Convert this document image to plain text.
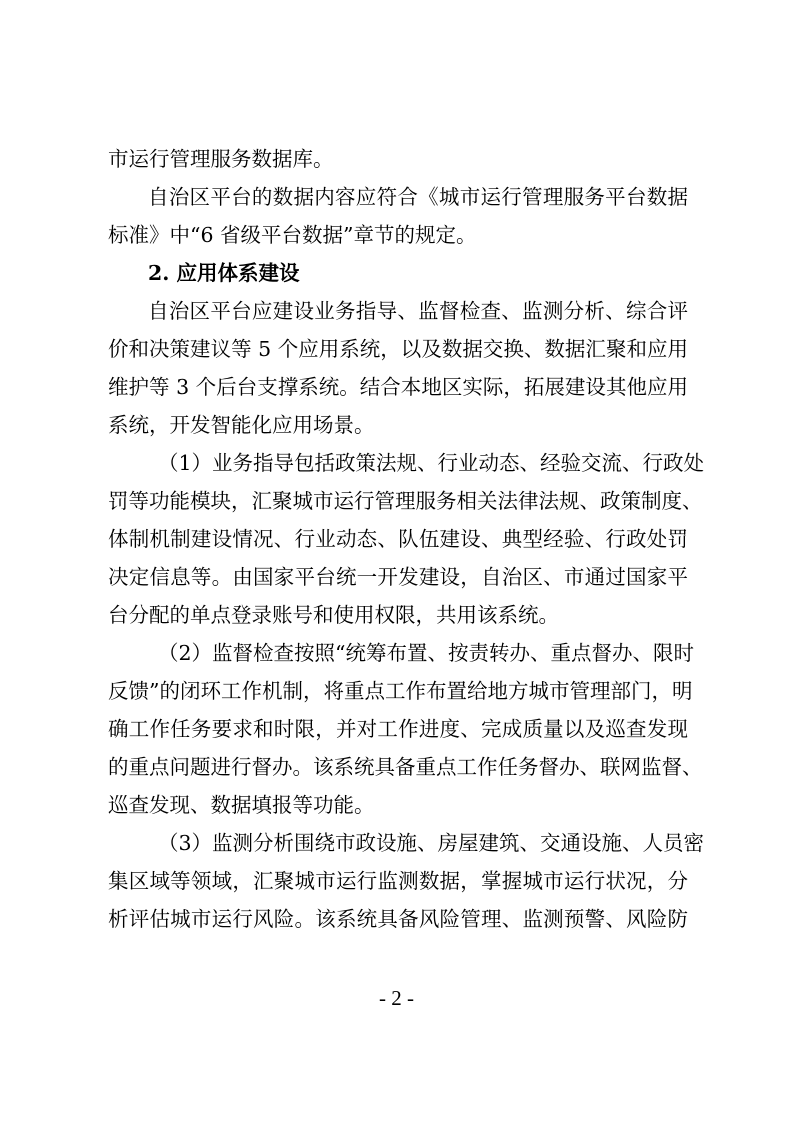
市运行管理服务数据库。
自治区平台的数据内容应符合《城市运行管理服务平台数据
标准》中“6 省级平台数据”章节的规定。
2. 应用体系建设
自治区平台应建设业务指导、监督检查、监测分析、综合评
价和决策建议等 5 个应用系统，以及数据交换、数据汇聚和应用
维护等 3 个后台支撑系统。结合本地区实际，拓展建设其他应用
系统，开发智能化应用场景。
（1）业务指导包括政策法规、行业动态、经验交流、行政处
罚等功能模块，汇聚城市运行管理服务相关法律法规、政策制度、
体制机制建设情况、行业动态、队伍建设、典型经验、行政处罚
决定信息等。由国家平台统一开发建设，自治区、市通过国家平
台分配的单点登录账号和使用权限，共用该系统。
（2）监督检查按照“统筹布置、按责转办、重点督办、限时
反馈”的闭环工作机制，将重点工作布置给地方城市管理部门，明
确工作任务要求和时限，并对工作进度、完成质量以及巡查发现
的重点问题进行督办。该系统具备重点工作任务督办、联网监督、
巡查发现、数据填报等功能。
（3）监测分析围绕市政设施、房屋建筑、交通设施、人员密
集区域等领域，汇聚城市运行监测数据，掌握城市运行状况，分
析评估城市运行风险。该系统具备风险管理、监测预警、风险防
- 2 -
